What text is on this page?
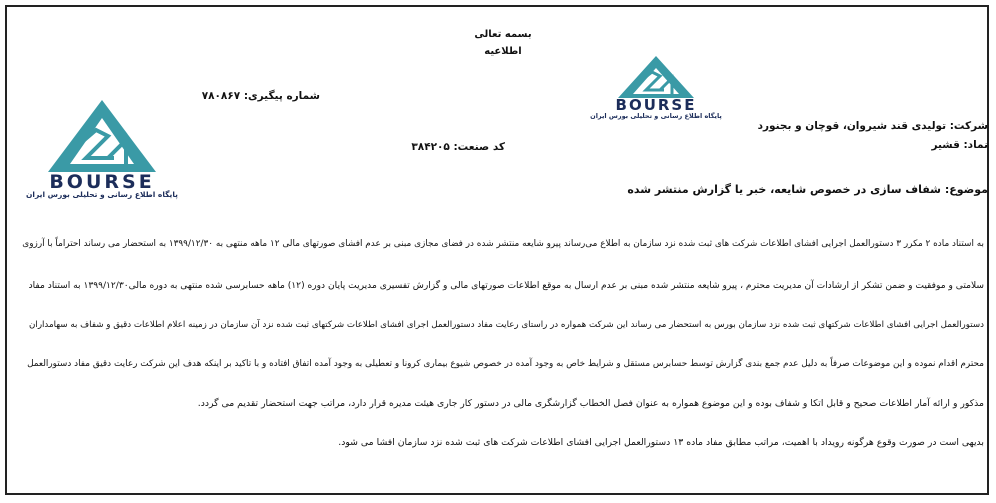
بسمه تعالی
اطلاعیه
شماره پیگیری: ۷۸۰۸۶۷
کد صنعت: ۳۸۴۲۰۵
شرکت: تولیدی قند شیروان، قوچان و بجنورد
نماد: قشیر
موضوع: شفاف سازی در خصوص شایعه، خبر یا گزارش منتشر شده
BOURSE
پایگاه اطلاع رسانی و تحلیلی بورس ایران
BOURSE
پایگاه اطلاع رسانی و تحلیلی بورس ایران
به استناد ماده ۲ مکرر ۳ دستورالعمل اجرایی افشای اطلاعات شرکت های ثبت شده نزد سازمان به اطلاع می‌رساند پیرو شایعه منتشر شده در فضای مجازی مبنی بر عدم افشای صورتهای مالی ۱۲ ماهه منتهی به ۱۳۹۹/۱۲/۳۰ به استحضار می رساند احتراماً با آرزوی
سلامتی و موفقیت و ضمن تشکر از ارشادات آن مدیریت محترم ، پیرو شایعه منتشر شده مبنی بر عدم ارسال به موقع اطلاعات صورتهای مالی و گزارش تفسیری مدیریت پایان دوره (۱۲) ماهه حسابرسی شده منتهی به دوره مالی۱۳۹۹/۱۲/۳۰ به استناد مفاد
دستورالعمل اجرایی افشای اطلاعات شرکتهای ثبت شده نزد سازمان بورس به استحضار می رساند این شرکت همواره در راستای رعایت مفاد دستورالعمل اجرای افشای اطلاعات شرکتهای ثبت شده نزد آن سازمان در زمینه اعلام اطلاعات دقیق و شفاف به سهامداران
محترم اقدام نموده و این موضوعات صرفاً به دلیل عدم جمع بندی گزارش توسط حسابرس مستقل و شرایط خاص به وجود آمده در خصوص شیوع بیماری کرونا و تعطیلی به وجود آمده اتفاق افتاده و با تاکید بر اینکه هدف این شرکت رعایت دقیق مفاد دستورالعمل
مذکور و ارائه آمار اطلاعات صحیح و قابل اتکا و شفاف بوده و این موضوع همواره به عنوان فصل الخطاب گزارشگری مالی در دستور کار جاری هیئت مدیره قرار دارد، مراتب جهت استحضار تقدیم می گردد.
بدیهی است در صورت وقوع هرگونه رویداد با اهمیت، مراتب مطابق مفاد ماده ۱۳ دستورالعمل اجرایی افشای اطلاعات شرکت های ثبت شده نزد سازمان افشا می شود.
